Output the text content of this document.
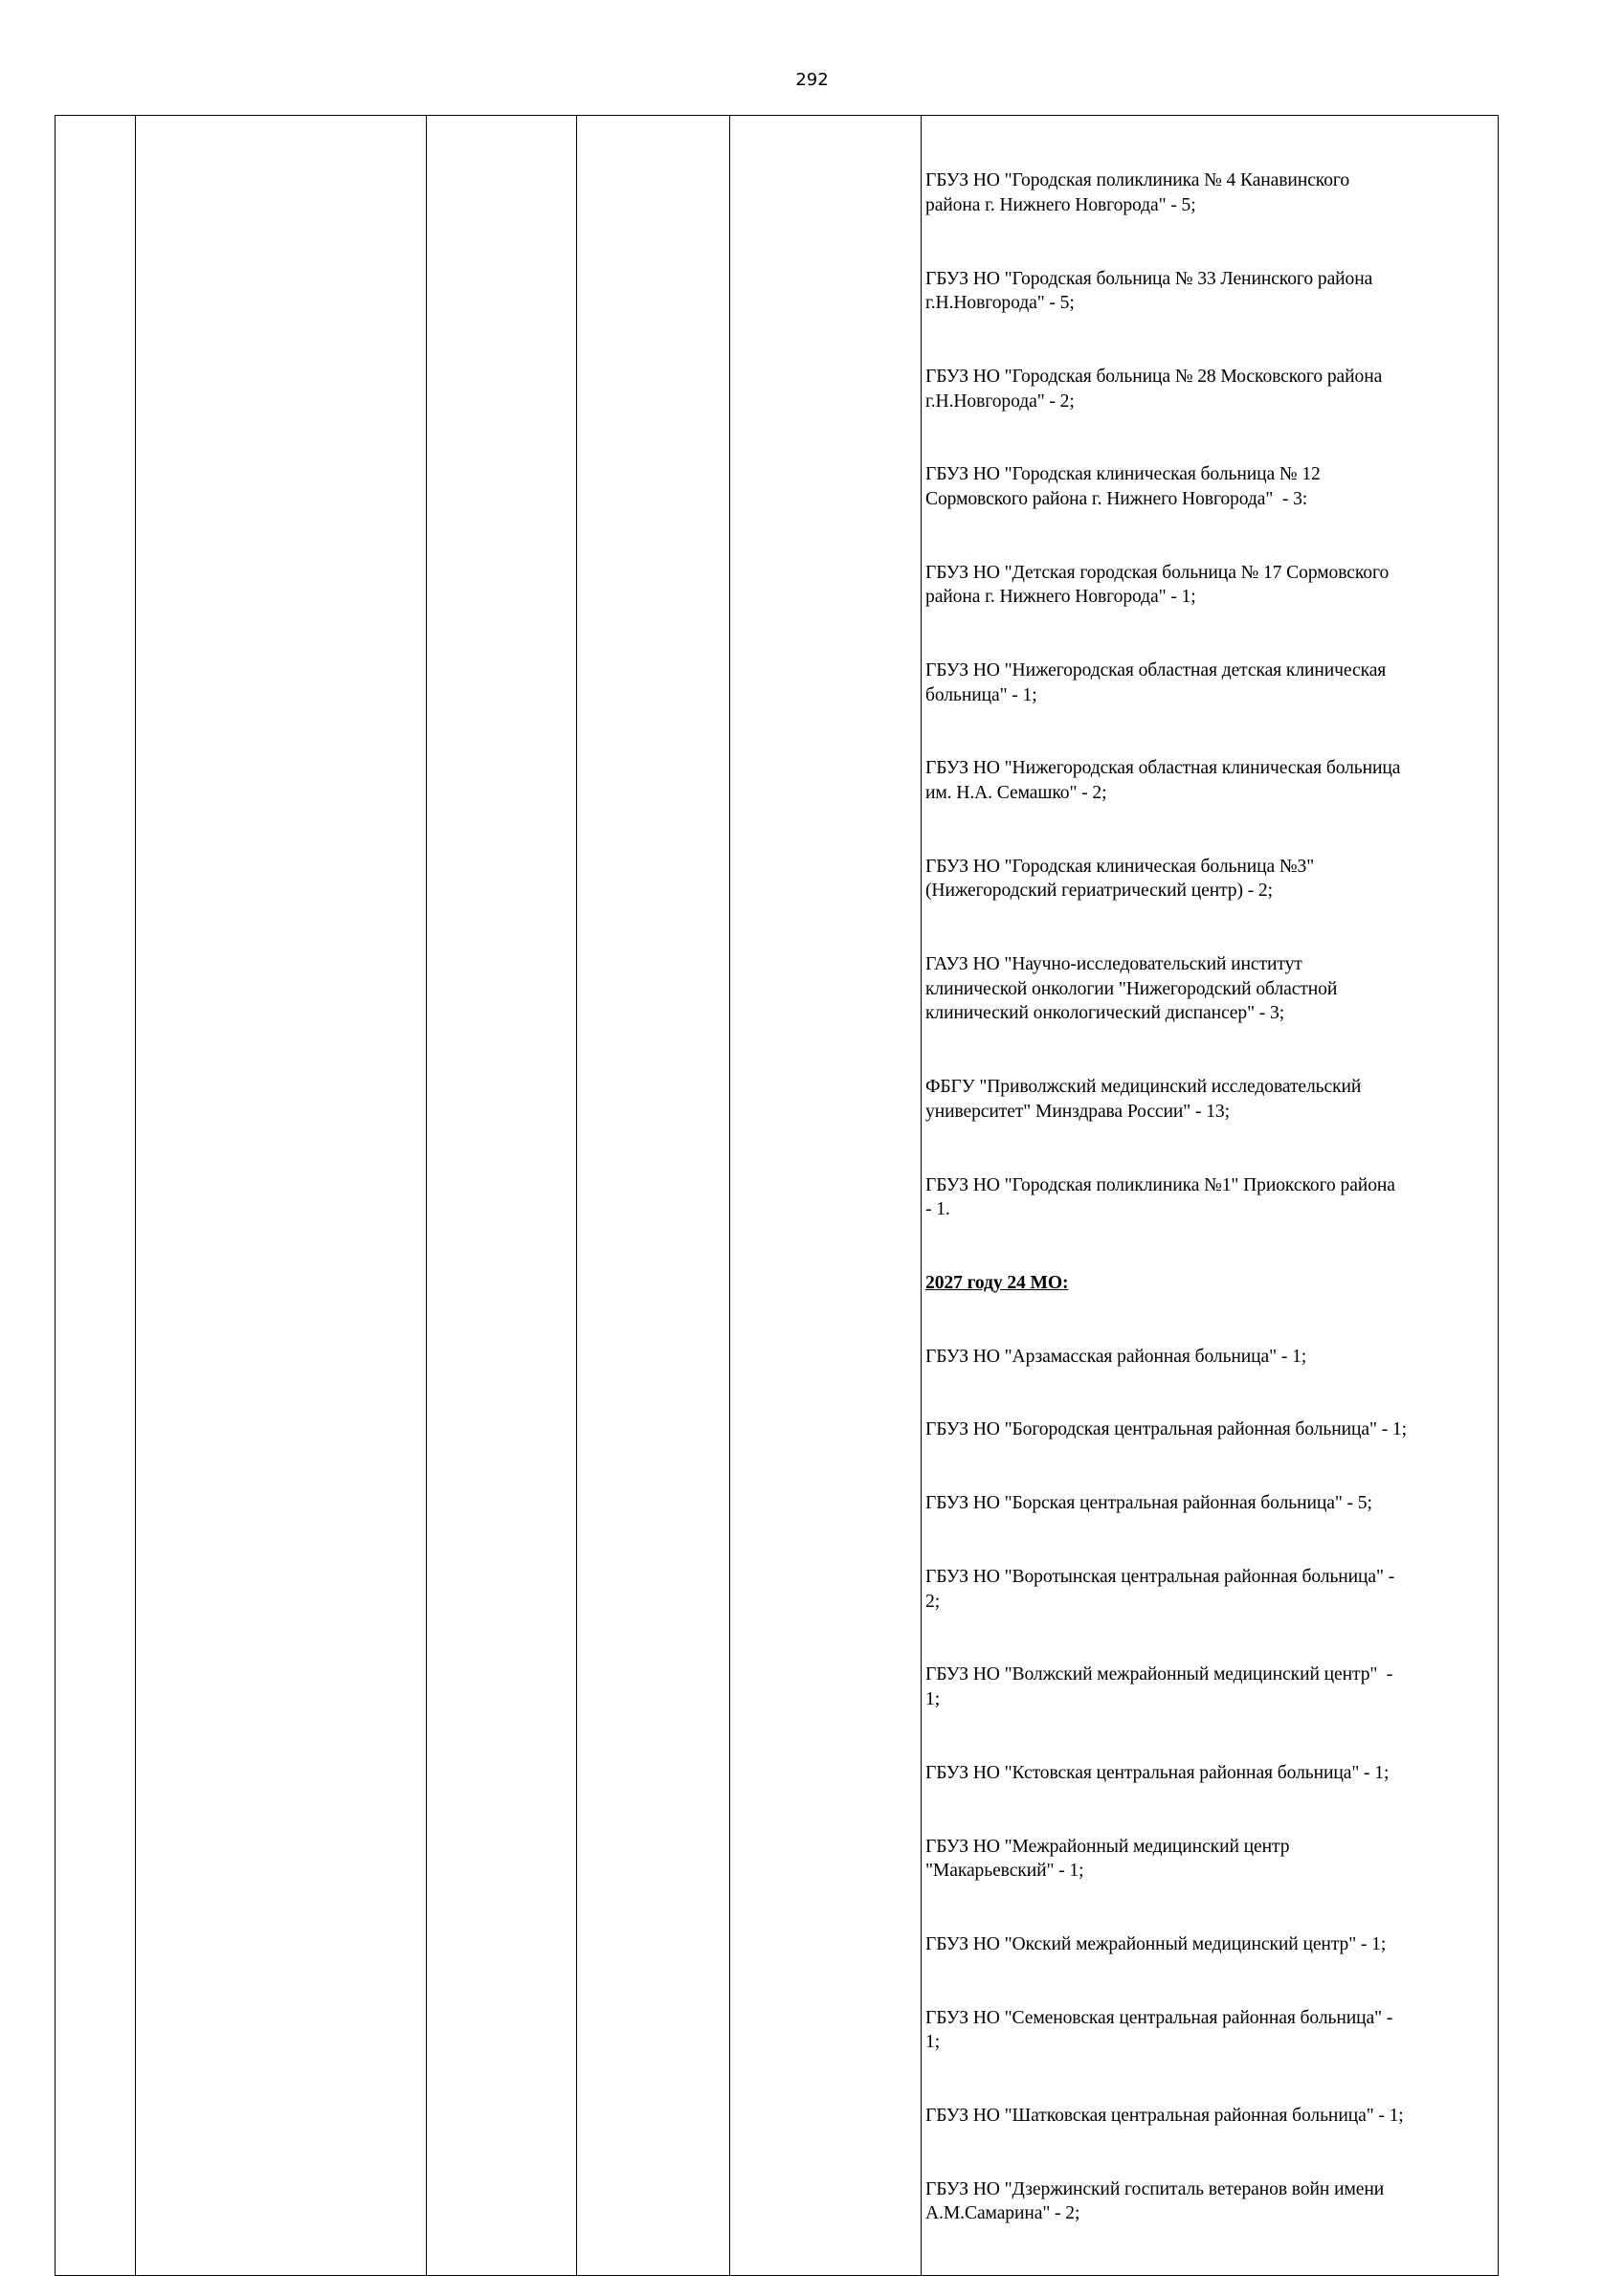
292

ГБУЗ НО "Городская поликлиника № 4 Канавинского
района г. Нижнего Новгорода" - 5;

ГБУЗ НО "Городская больница № 33 Ленинского района
г.Н.Новгорода" - 5;

ГБУЗ НО "Городская больница № 28 Московского района
г.Н.Новгорода" - 2;

ГБУЗ НО "Городская клиническая больница № 12
Сормовского района г. Нижнего Новгорода"  - 3:

ГБУЗ НО "Детская городская больница № 17 Сормовского
района г. Нижнего Новгорода" - 1;

ГБУЗ НО "Нижегородская областная детская клиническая
больница" - 1;

ГБУЗ НО "Нижегородская областная клиническая больница
им. Н.А. Семашко" - 2;

ГБУЗ НО "Городская клиническая больница №3"
(Нижегородский гериатрический центр) - 2;

ГАУЗ НО "Научно-исследовательский институт
клинической онкологии "Нижегородский областной
клинический онкологический диспансер" - 3;

ФБГУ "Приволжский медицинский исследовательский
университет" Минздрава России" - 13;

ГБУЗ НО "Городская поликлиника №1" Приокского района
- 1.

2027 году 24 МО:

ГБУЗ НО "Арзамасская районная больница" - 1;

ГБУЗ НО "Богородская центральная районная больница" - 1;

ГБУЗ НО "Борская центральная районная больница" - 5;

ГБУЗ НО "Воротынская центральная районная больница" -
2;

ГБУЗ НО "Волжский межрайонный медицинский центр"  -
1;

ГБУЗ НО "Кстовская центральная районная больница" - 1;

ГБУЗ НО "Межрайонный медицинский центр
"Макарьевский" - 1;

ГБУЗ НО "Окский межрайонный медицинский центр" - 1;

ГБУЗ НО "Семеновская центральная районная больница" -
1;

ГБУЗ НО "Шатковская центральная районная больница" - 1;

ГБУЗ НО "Дзержинский госпиталь ветеранов войн имени
А.М.Самарина" - 2;
